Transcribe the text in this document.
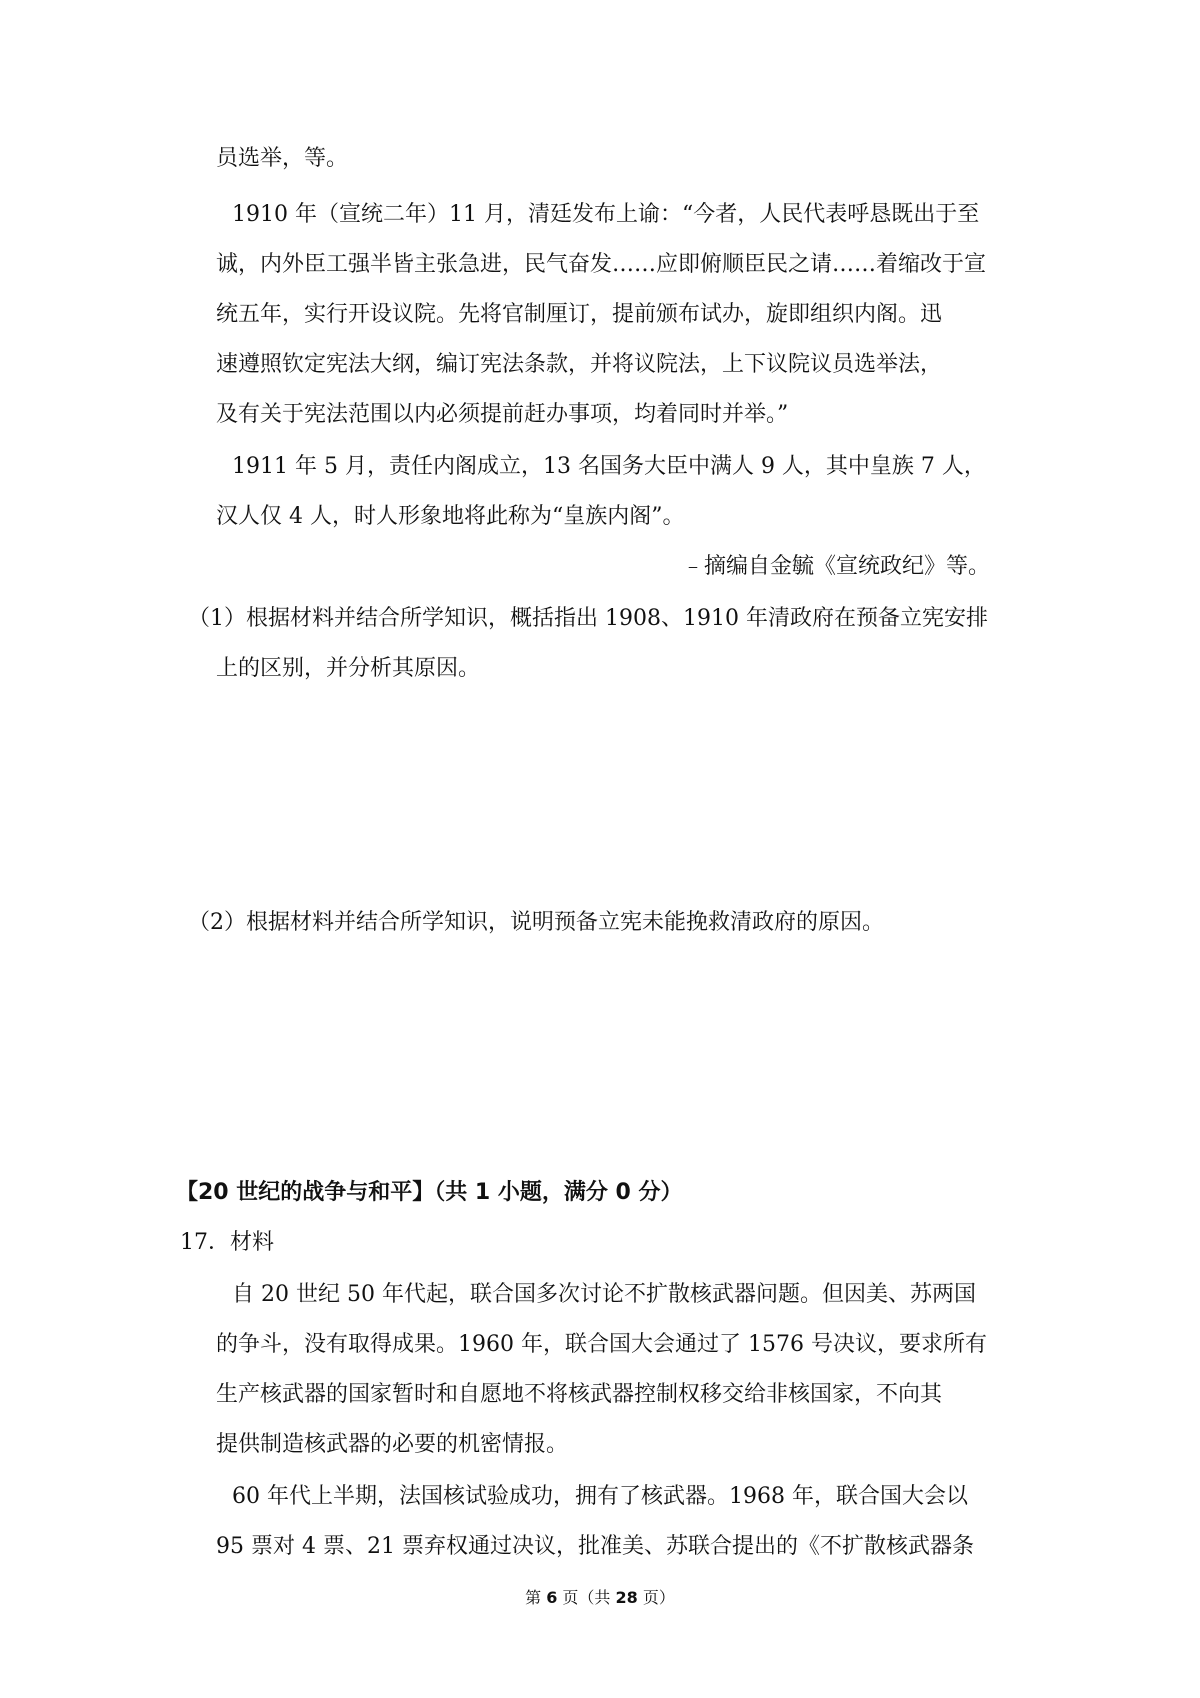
员选举，等。
1910 年（宣统二年）11 月，清廷发布上谕：“今者，人民代表呼恳既出于至
诚，内外臣工强半皆主张急进，民气奋发……应即俯顺臣民之请……着缩改于宣
统五年，实行开设议院。先将官制厘订，提前颁布试办，旋即组织内阁。迅
速遵照钦定宪法大纲，编订宪法条款，并将议院法，上下议院议员选举法，
及有关于宪法范围以内必须提前赶办事项，均着同时并举。”
1911 年 5 月，责任内阁成立，13 名国务大臣中满人 9 人，其中皇族 7 人，
汉人仅 4 人，时人形象地将此称为“皇族内阁”。
﹣摘编自金毓《宣统政纪》等。
（1）根据材料并结合所学知识，概括指出 1908、1910 年清政府在预备立宪安排
上的区别，并分析其原因。
（2）根据材料并结合所学知识，说明预备立宪未能挽救清政府的原因。
【20 世纪的战争与和平】（共 1 小题，满分 0 分）
17．材料
自 20 世纪 50 年代起，联合国多次讨论不扩散核武器问题。但因美、苏两国
的争斗，没有取得成果。1960 年，联合国大会通过了 1576 号决议，要求所有
生产核武器的国家暂时和自愿地不将核武器控制权移交给非核国家，不向其
提供制造核武器的必要的机密情报。
60 年代上半期，法国核试验成功，拥有了核武器。1968 年，联合国大会以
95 票对 4 票、21 票弃权通过决议，批准美、苏联合提出的《不扩散核武器条
第 6 页（共 28 页）
